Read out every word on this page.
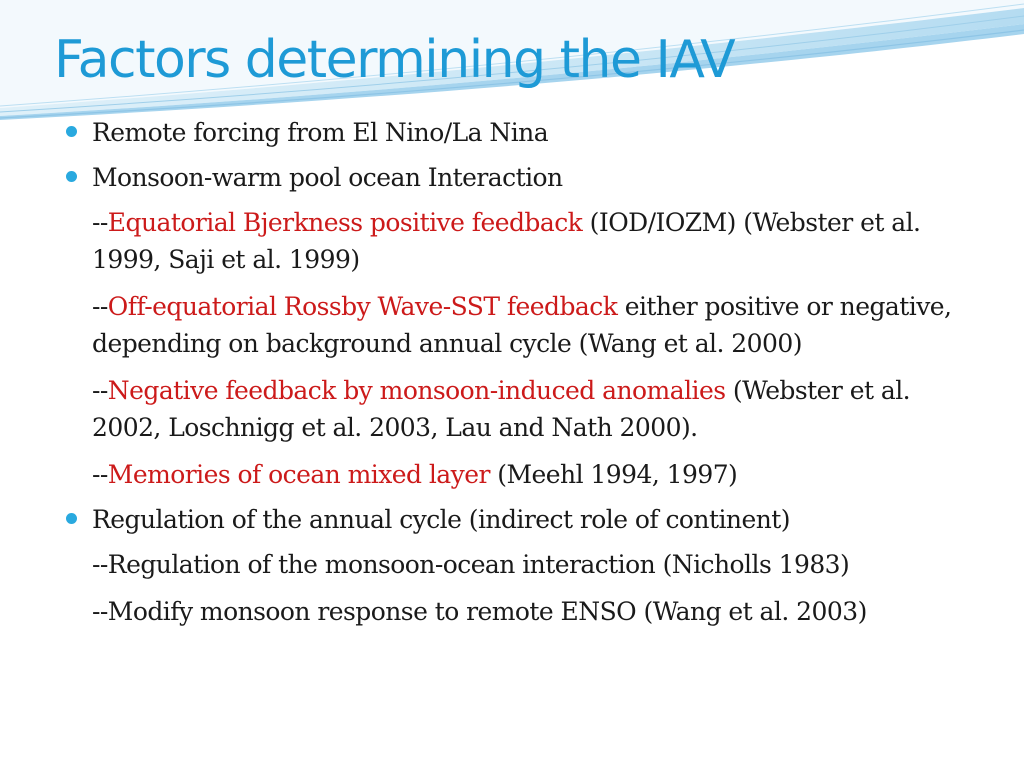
Factors determining the IAV
Remote forcing from El Nino/La Nina
Monsoon-warm pool ocean Interaction
--Equatorial Bjerkness positive feedback (IOD/IOZM) (Webster et al. 1999, Saji et al. 1999)
--Off-equatorial Rossby Wave-SST feedback either positive or negative, depending on background annual cycle (Wang et al. 2000)
--Negative feedback by monsoon-induced anomalies (Webster et al. 2002, Loschnigg et al. 2003, Lau and Nath 2000).
--Memories of ocean mixed layer (Meehl 1994, 1997)
Regulation of the annual cycle (indirect role of continent)
--Regulation of the monsoon-ocean interaction (Nicholls 1983)
--Modify monsoon response to remote ENSO (Wang et al. 2003)
